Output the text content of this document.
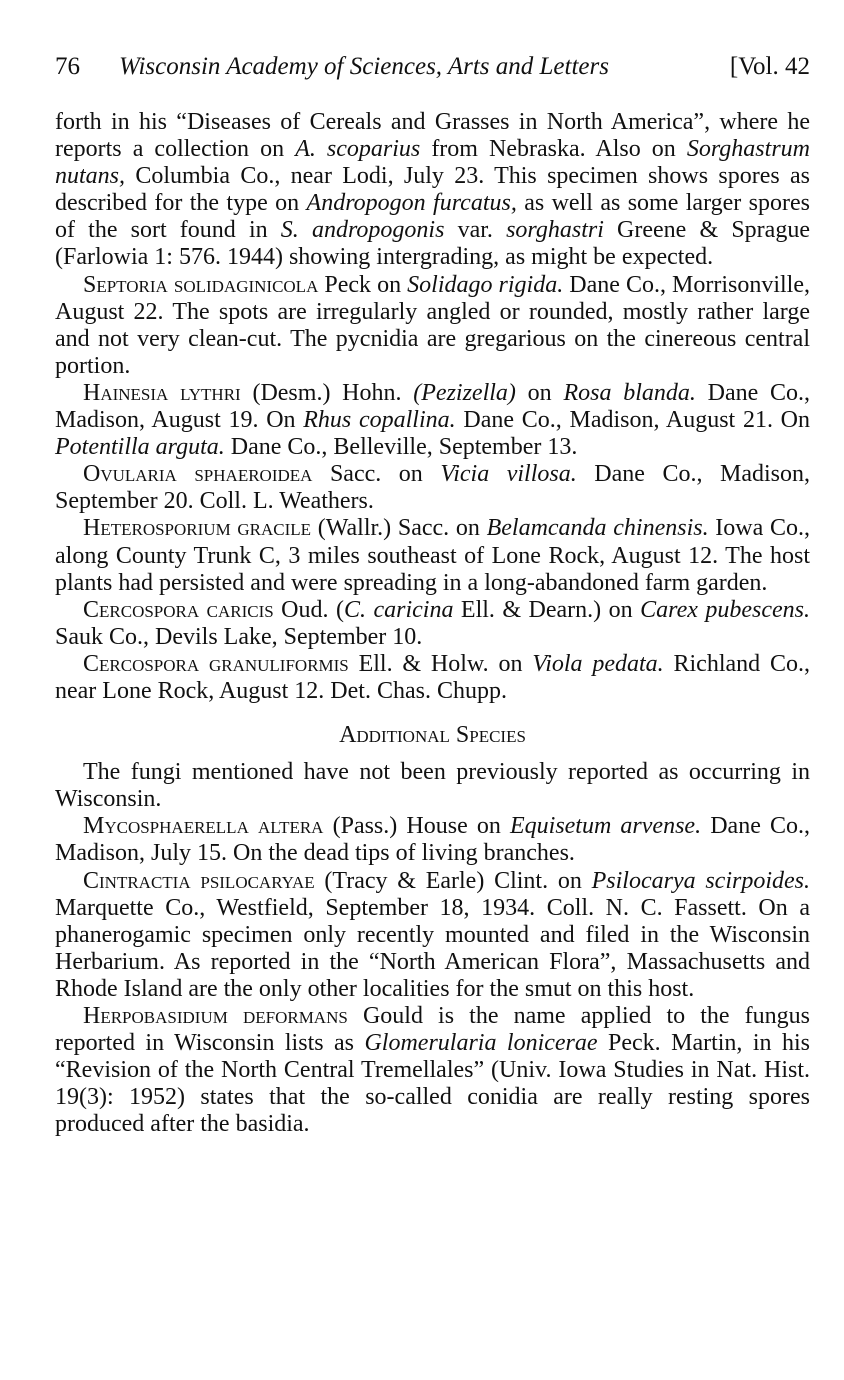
76 Wisconsin Academy of Sciences, Arts and Letters	[Vol. 42

forth in his “Diseases of Cereals and Grasses in North America”, where he reports a collection on A. scoparius from Nebraska. Also on Sorghastrum nutans, Columbia Co., near Lodi, July 23. This specimen shows spores as described for the type on Andropogon furcatus, as well as some larger spores of the sort found in S. andropogonis var. sorghastri Greene & Sprague (Farlowia 1: 576. 1944) showing intergrading, as might be expected.

Septoria solidaginicola Peck on Solidago rigida. Dane Co., Morrisonville, August 22. The spots are irregularly angled or rounded, mostly rather large and not very clean-cut. The pycnidia are gregarious on the cinereous central portion.

Hainesia lythri (Desm.) Hohn. (Pezizella) on Rosa blanda. Dane Co., Madison, August 19. On Rhus copallina. Dane Co., Madison, August 21. On Potentilla arguta. Dane Co., Belleville, September 13.

Ovularia sphaeroidea Sacc. on Vicia villosa. Dane Co., Madison, September 20. Coll. L. Weathers.

Heterosporium gracile (Wallr.) Sacc. on Belamcanda chinensis. Iowa Co., along County Trunk C, 3 miles southeast of Lone Rock, August 12. The host plants had persisted and were spreading in a long-abandoned farm garden.

Cercospora caricis Oud. (C. caricina Ell. & Dearn.) on Carex pubescens. Sauk Co., Devils Lake, September 10.

Cercospora granuliformis Ell. & Holw. on Viola pedata. Richland Co., near Lone Rock, August 12. Det. Chas. Chupp.

Additional Species

The fungi mentioned have not been previously reported as occurring in Wisconsin.

Mycosphaerella altera (Pass.) House on Equisetum arvense. Dane Co., Madison, July 15. On the dead tips of living branches.

Cintractia psilocaryae (Tracy & Earle) Clint. on Psilocarya scirpoides. Marquette Co., Westfield, September 18, 1934. Coll. N. C. Fassett. On a phanerogamic specimen only recently mounted and filed in the Wisconsin Herbarium. As reported in the “North American Flora”, Massachusetts and Rhode Island are the only other localities for the smut on this host.

Herpobasidium deformans Gould is the name applied to the fungus reported in Wisconsin lists as Glomerularia lonicerae Peck. Martin, in his “Revision of the North Central Tremellales” (Univ. Iowa Studies in Nat. Hist. 19(3): 1952) states that the so-called conidia are really resting spores produced after the basidia.
